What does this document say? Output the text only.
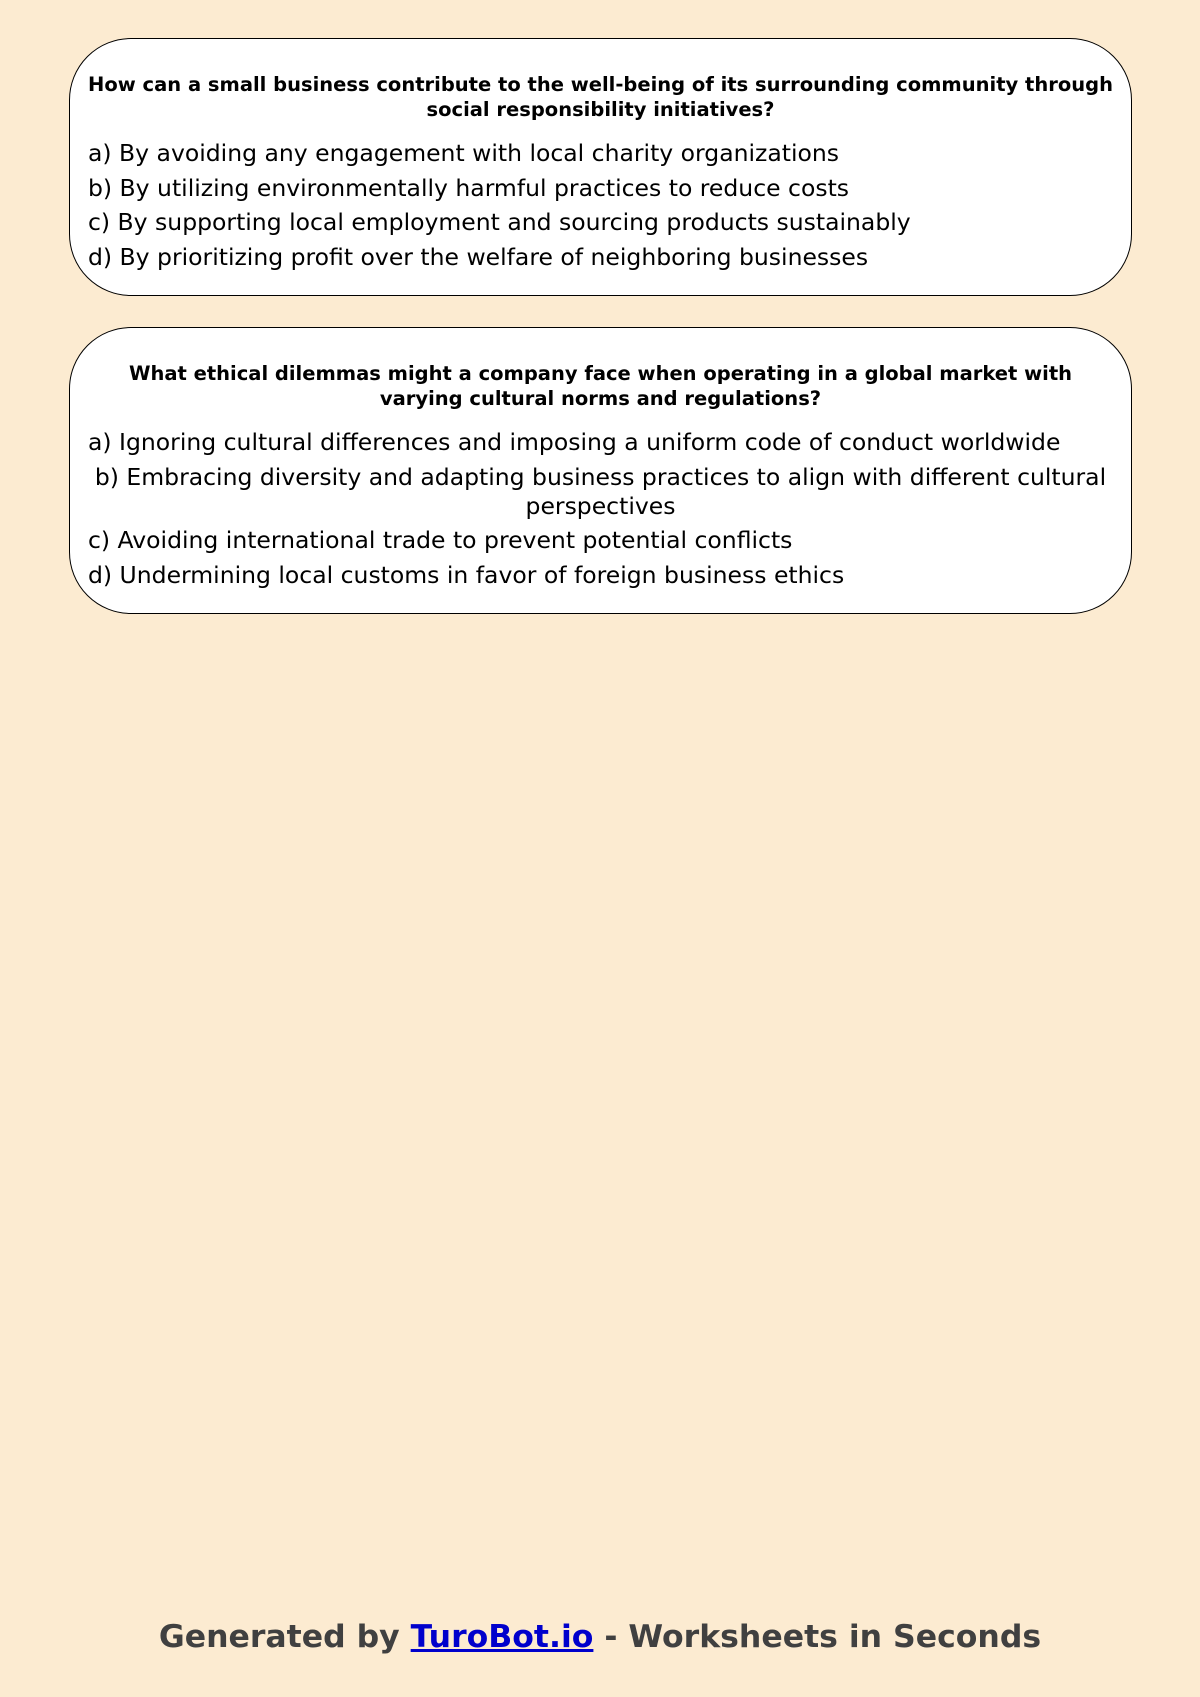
How can a small business contribute to the well-being of its surrounding community through social responsibility initiatives?

a) By avoiding any engagement with local charity organizations
b) By utilizing environmentally harmful practices to reduce costs
c) By supporting local employment and sourcing products sustainably
d) By prioritizing profit over the welfare of neighboring businesses

What ethical dilemmas might a company face when operating in a global market with varying cultural norms and regulations?

a) Ignoring cultural differences and imposing a uniform code of conduct worldwide
b) Embracing diversity and adapting business practices to align with different cultural perspectives
c) Avoiding international trade to prevent potential conflicts
d) Undermining local customs in favor of foreign business ethics
Generated by TuroBot.io - Worksheets in Seconds
